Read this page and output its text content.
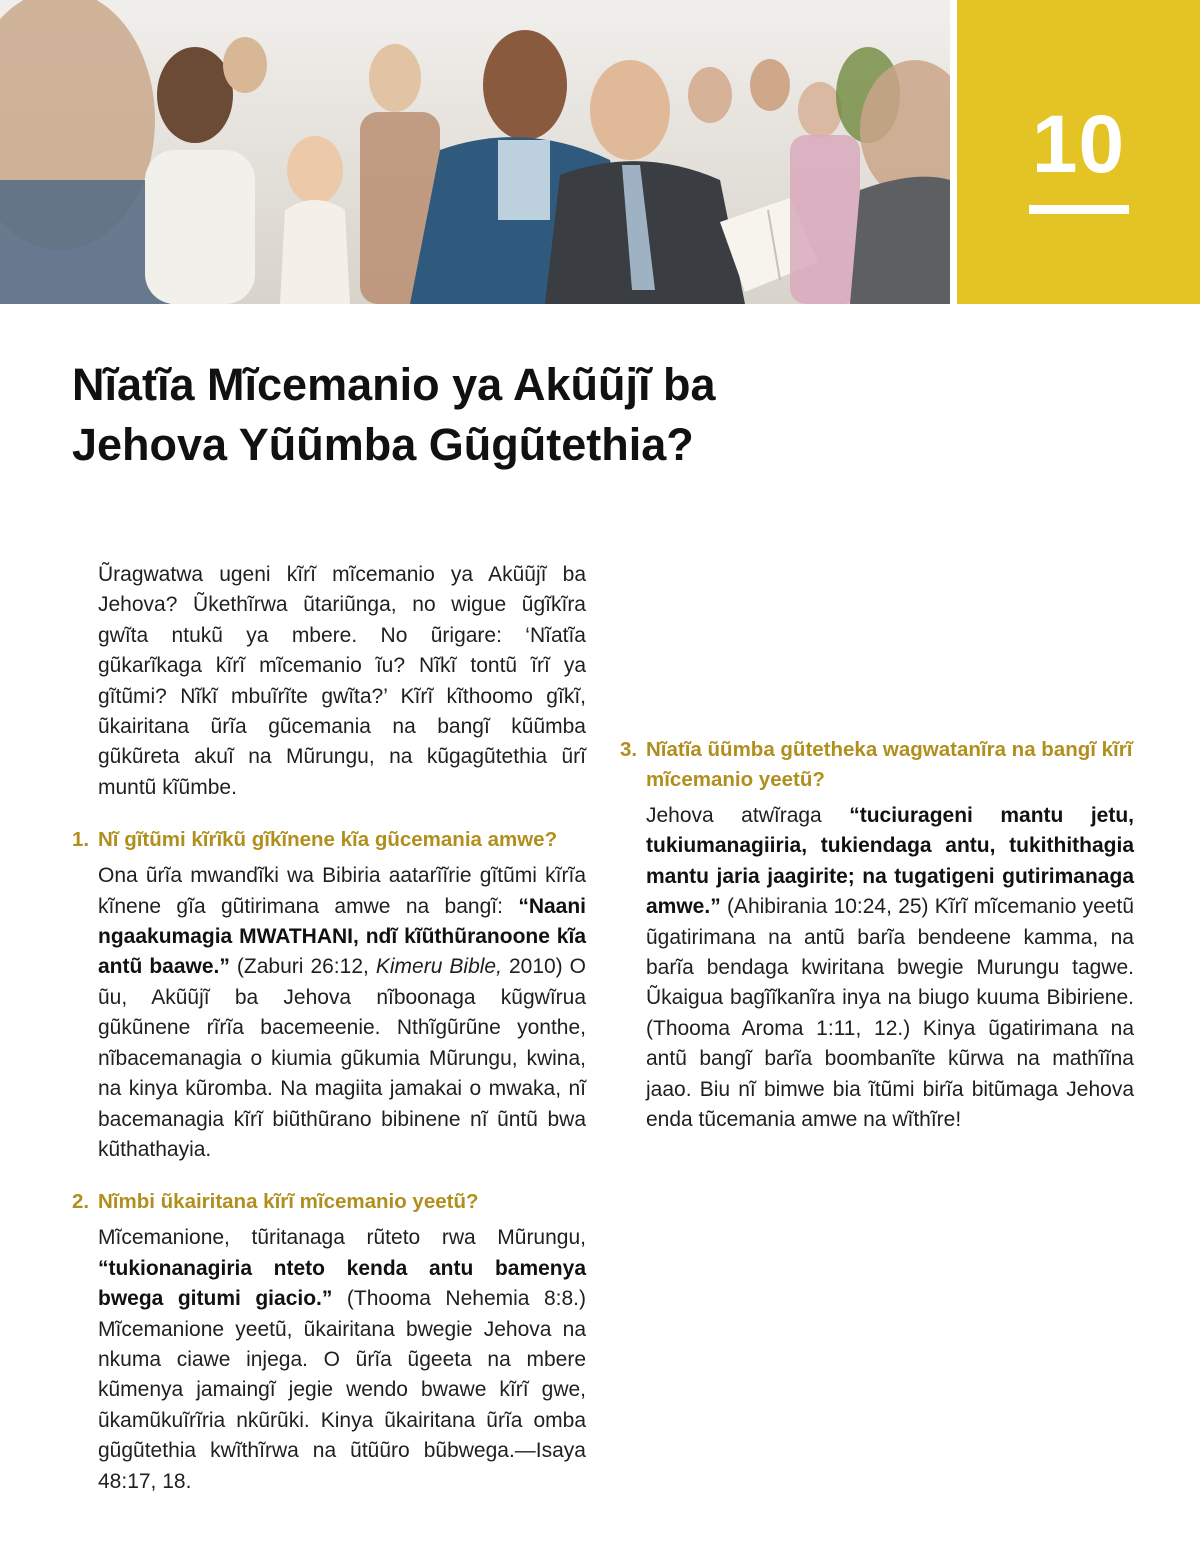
10
Nĩatĩa Mĩcemanio ya Akũũjĩ ba Jehova Yũũmba Gũgũtethia?

Ũragwatwa ugeni kĩrĩ mĩcemanio ya Akũũjĩ ba Jehova? Ũkethĩrwa ũtariũnga, no wigue ũgĩkĩra gwĩta ntukũ ya mbere. No ũrigare: ‘Nĩatĩa gũkarĩkaga kĩrĩ mĩcemanio ĩu? Nĩkĩ tontũ ĩrĩ ya gĩtũmi? Nĩkĩ mbuĩrĩte gwĩta?’ Kĩrĩ kĩthoomo gĩkĩ, ũkairitana ũrĩa gũcemania na bangĩ kũũmba gũkũreta akuĩ na Mũrungu, na kũgagũtethia ũrĩ muntũ kĩũmbe.

1. Nĩ gĩtũmi kĩrĩkũ gĩkĩnene kĩa gũcemania amwe?

Ona ũrĩa mwandĩki wa Bibiria aatarĩĩrie gĩtũmi kĩrĩa kĩnene gĩa gũtirimana amwe na bangĩ: “Naani ngaakumagia MWATHANI, ndĩ kĩũthũranoone kĩa antũ baawe.” (Zaburi 26:12, Kimeru Bible, 2010) O ũu, Akũũjĩ ba Jehova nĩboonaga kũgwĩrua gũkũnene rĩrĩa bacemeenie. Nthĩgũrũne yonthe, nĩbacemanagia o kiumia gũkumia Mũrungu, kwina, na kinya kũromba. Na magiita jamakai o mwaka, nĩ bacemanagia kĩrĩ biũthũrano bibinene nĩ ũntũ bwa kũthathayia.

2. Nĩmbi ũkairitana kĩrĩ mĩcemanio yeetũ?

Mĩcemanione, tũritanaga rũteto rwa Mũrungu, “tukionanagiria nteto kenda antu bamenya bwega gitumi giacio.” (Thooma Nehemia 8:8.) Mĩcemanione yeetũ, ũkairitana bwegie Jehova na nkuma ciawe injega. O ũrĩa ũgeeta na mbere kũmenya jamaingĩ jegie wendo bwawe kĩrĩ gwe, ũkamũkuĩrĩria nkũrũki. Kinya ũkairitana ũrĩa omba gũgũtethia kwĩthĩrwa na ũtũũro bũbwega.—Isaya 48:17, 18.

3. Nĩatĩa ũũmba gũtetheka wagwatanĩra na bangĩ kĩrĩ mĩcemanio yeetũ?

Jehova atwĩraga “tuciurageni mantu jetu, tukiumanagiiria, tukiendaga antu, tukithithagia mantu jaria jaagirite; na tugatigeni gutirimanaga amwe.” (Ahibirania 10:24, 25) Kĩrĩ mĩcemanio yeetũ ũgatirimana na antũ barĩa bendeene kamma, na barĩa bendaga kwiritana bwegie Murungu tagwe. Ũkaigua bagĩĩkanĩra inya na biugo kuuma Bibiriene. (Thooma Aroma 1:11, 12.) Kinya ũgatirimana na antũ bangĩ barĩa boombanĩte kũrwa na mathĩĩna jaao. Biu nĩ bimwe bia ĩtũmi birĩa bitũmaga Jehova enda tũcemania amwe na wĩthĩre!
